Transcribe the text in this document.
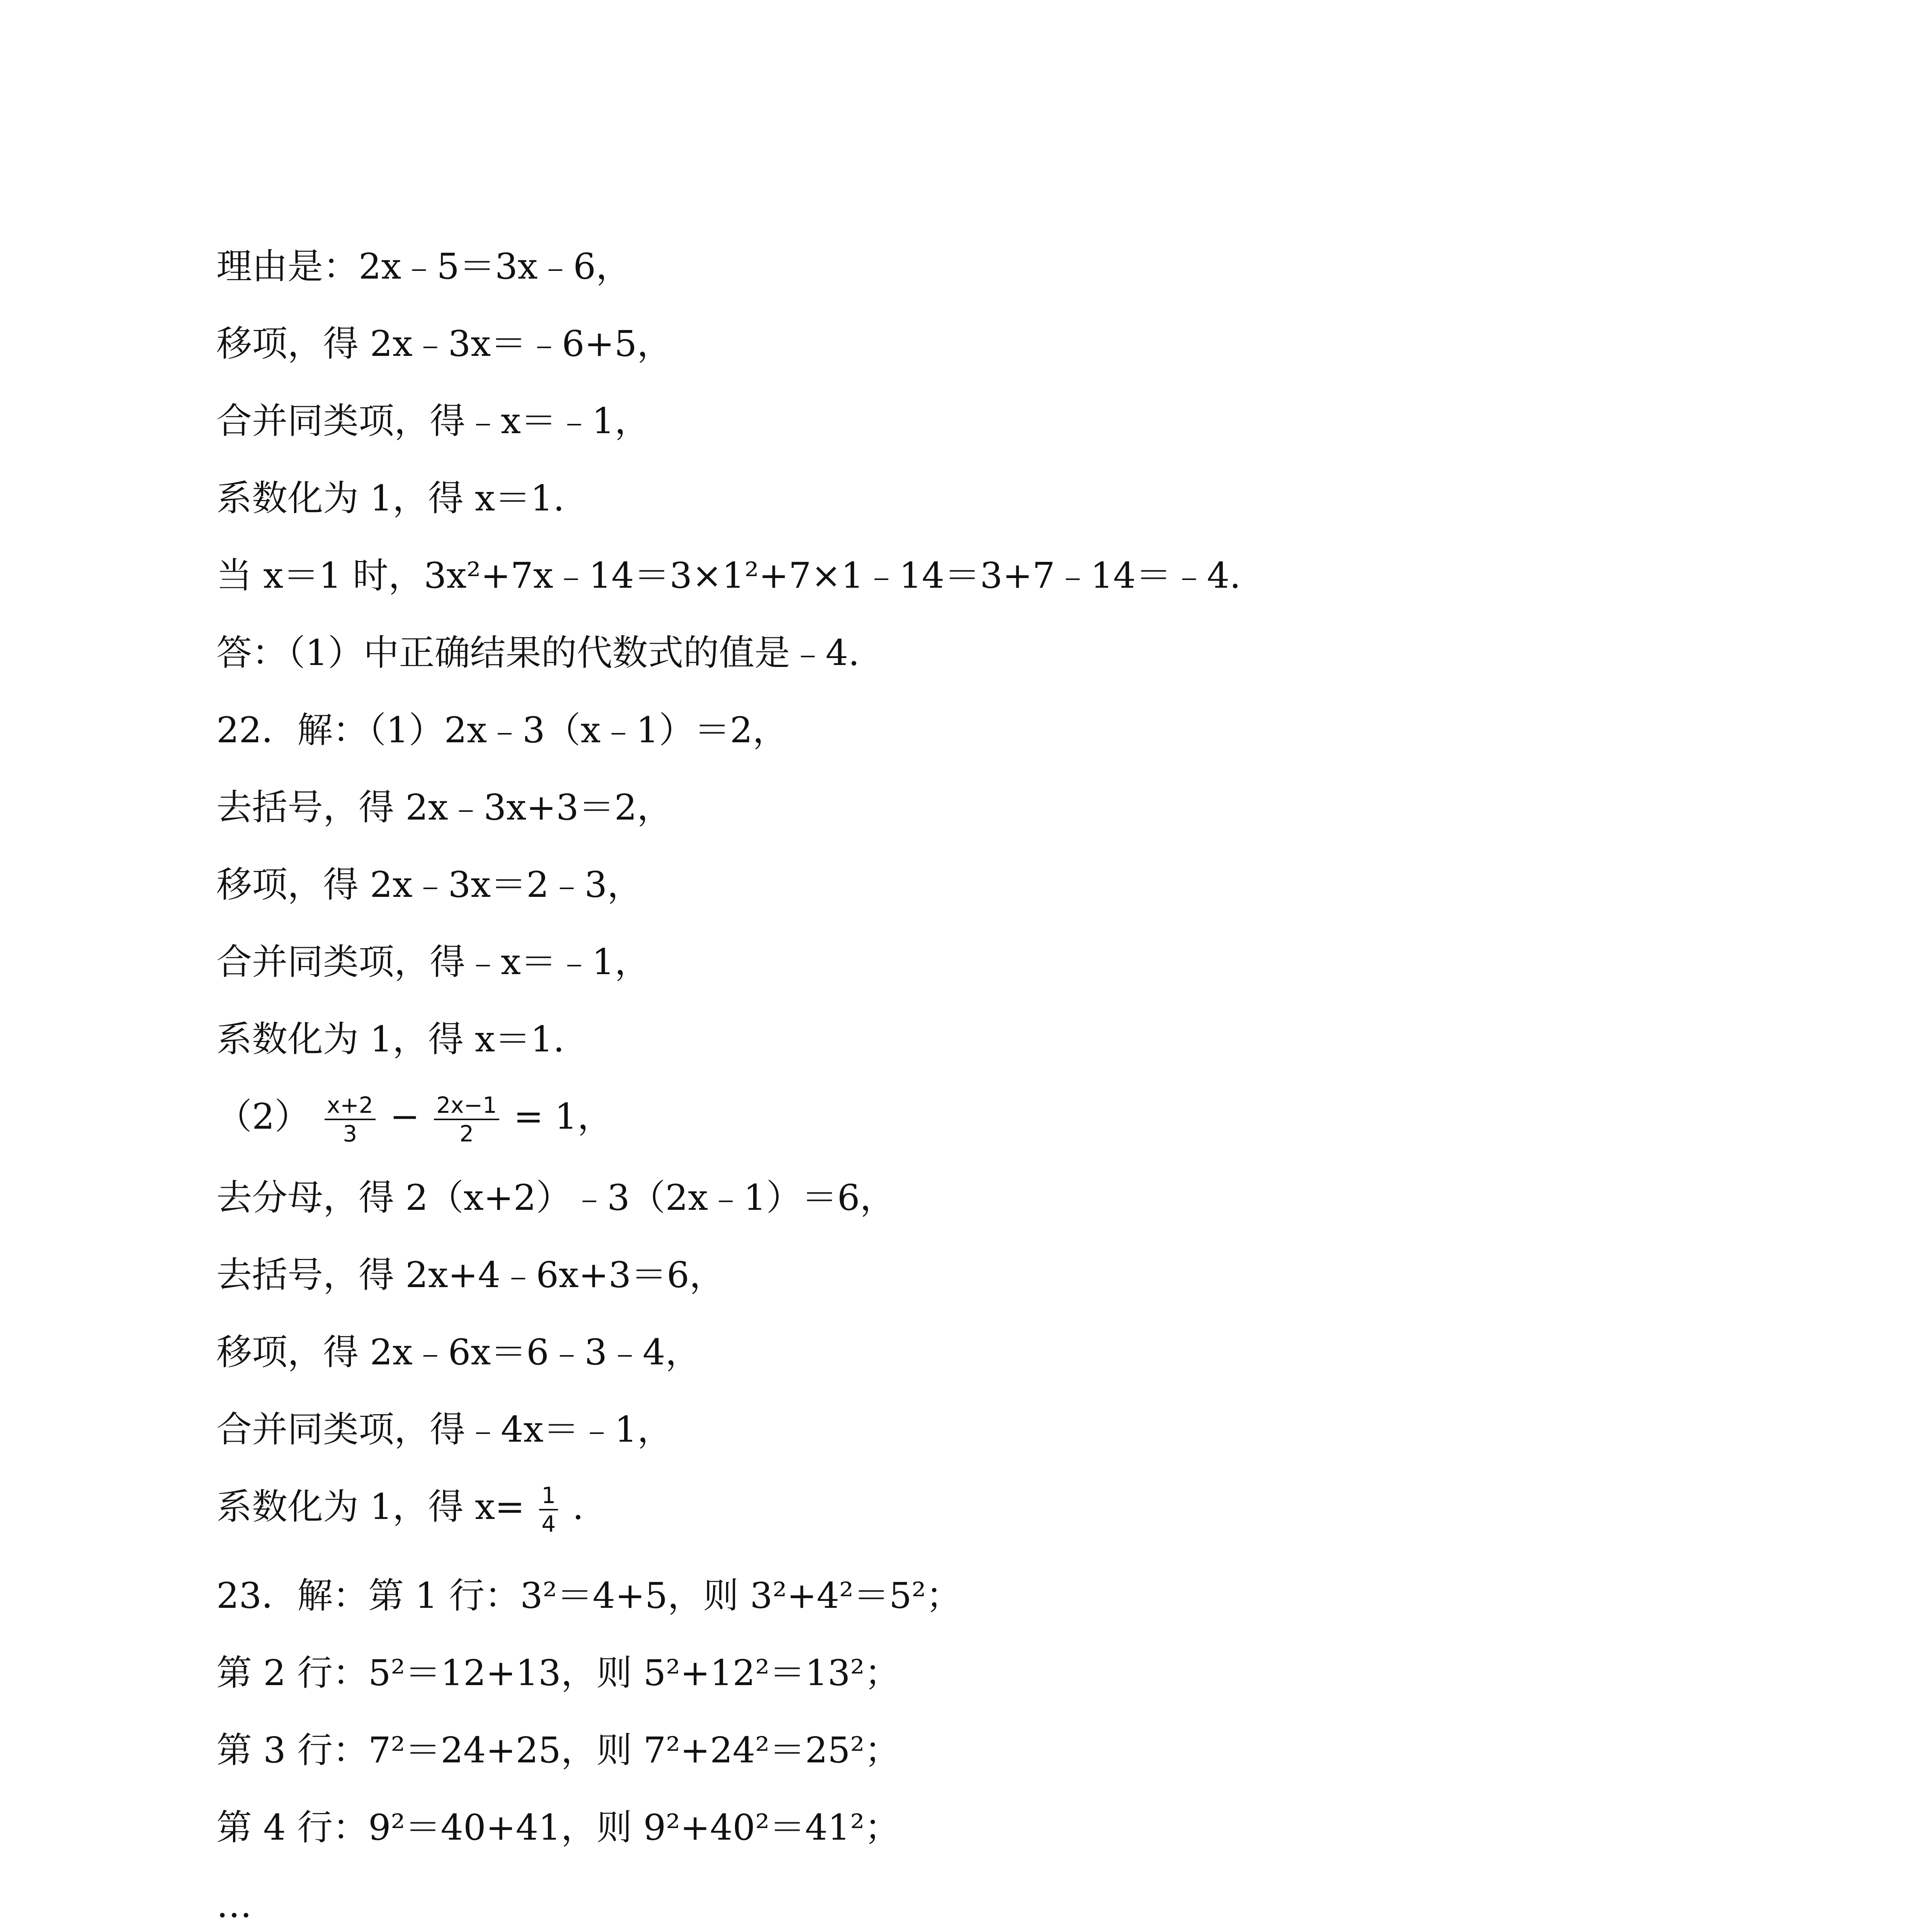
理由是：2x﹣5＝3x﹣6，
移项，得 2x﹣3x＝﹣6+5，
合并同类项，得﹣x＝﹣1，
系数化为 1，得 x＝1.
当 x＝1 时，3x²+7x﹣14＝3×1²+7×1﹣14＝3+7﹣14＝﹣4.
答：（1）中正确结果的代数式的值是﹣4.
22．解：（1）2x﹣3（x﹣1）＝2，
去括号，得 2x﹣3x+3＝2，
移项，得 2x﹣3x＝2﹣3，
合并同类项，得﹣x＝﹣1，
系数化为 1，得 x＝1.
$(2) \frac{x+2}{3} - \frac{2x-1}{2} = 1$，
去分母，得 2（x+2）﹣3（2x﹣1）＝6，
去括号，得 2x+4﹣6x+3＝6，
移项，得 2x﹣6x＝6﹣3﹣4，
合并同类项，得﹣4x＝﹣1，
系数化为 1，得 $x= \frac{1}{4}$ .
23．解：第 1 行：3²＝4+5，则 3²+4²＝5²；
第 2 行：5²＝12+13，则 5²+12²＝13²；
第 3 行：7²＝24+25，则 7²+24²＝25²；
第 4 行：9²＝40+41，则 9²+40²＝41²；
…
